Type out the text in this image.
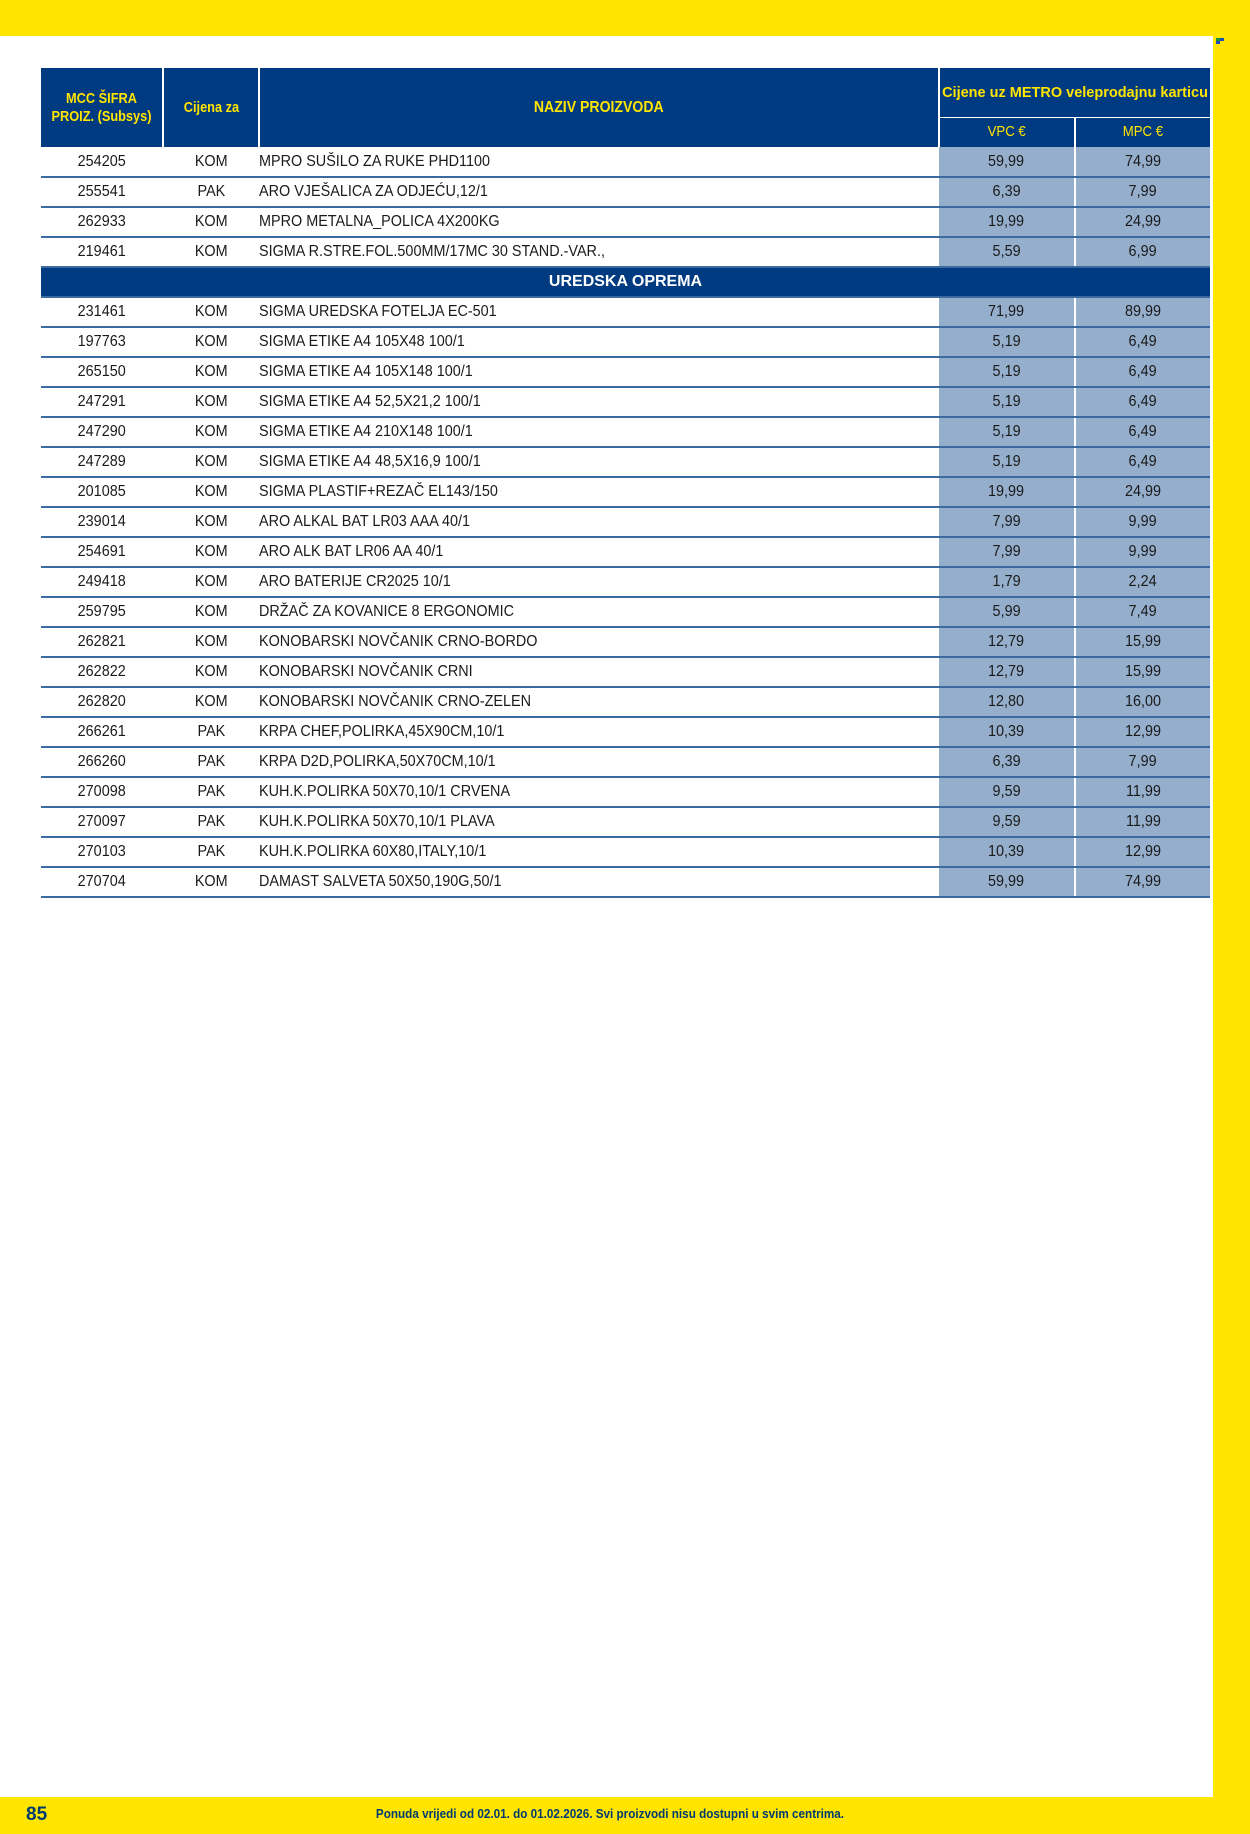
MCC ŠIFRA PROIZ. (Subsys)	Cijena za	NAZIV PROIZVODA	Cijene uz METRO veleprodajnu karticu	
			VPC €	MPC €
254205	KOM	MPRO SUŠILO ZA RUKE PHD1100	59,99	74,99
255541	PAK	ARO VJEŠALICA ZA ODJEĆU,12/1	6,39	7,99
262933	KOM	MPRO METALNA_POLICA 4X200KG	19,99	24,99
219461	KOM	SIGMA R.STRE.FOL.500MM/17MC 30 STAND.-VAR.,	5,59	6,99
UREDSKA OPREMA				
231461	KOM	SIGMA UREDSKA FOTELJA EC-501	71,99	89,99
197763	KOM	SIGMA ETIKE A4 105X48 100/1	5,19	6,49
265150	KOM	SIGMA ETIKE A4 105X148 100/1	5,19	6,49
247291	KOM	SIGMA ETIKE A4 52,5X21,2 100/1	5,19	6,49
247290	KOM	SIGMA ETIKE A4 210X148 100/1	5,19	6,49
247289	KOM	SIGMA ETIKE A4 48,5X16,9 100/1	5,19	6,49
201085	KOM	SIGMA PLASTIF+REZAČ EL143/150	19,99	24,99
239014	KOM	ARO ALKAL BAT LR03 AAA 40/1	7,99	9,99
254691	KOM	ARO ALK BAT LR06 AA 40/1	7,99	9,99
249418	KOM	ARO BATERIJE CR2025 10/1	1,79	2,24
259795	KOM	DRŽAČ ZA KOVANICE 8 ERGONOMIC	5,99	7,49
262821	KOM	KONOBARSKI NOVČANIK CRNO-BORDO	12,79	15,99
262822	KOM	KONOBARSKI NOVČANIK CRNI	12,79	15,99
262820	KOM	KONOBARSKI NOVČANIK CRNO-ZELEN	12,80	16,00
266261	PAK	KRPA CHEF,POLIRKA,45X90CM,10/1	10,39	12,99
266260	PAK	KRPA D2D,POLIRKA,50X70CM,10/1	6,39	7,99
270098	PAK	KUH.K.POLIRKA 50X70,10/1 CRVENA	9,59	11,99
270097	PAK	KUH.K.POLIRKA 50X70,10/1 PLAVA	9,59	11,99
270103	PAK	KUH.K.POLIRKA 60X80,ITALY,10/1	10,39	12,99
270704	KOM	DAMAST SALVETA 50X50,190G,50/1	59,99	74,99
85	Ponuda vrijedi od 02.01. do 01.02.2026. Svi proizvodi nisu dostupni u svim centrima.
